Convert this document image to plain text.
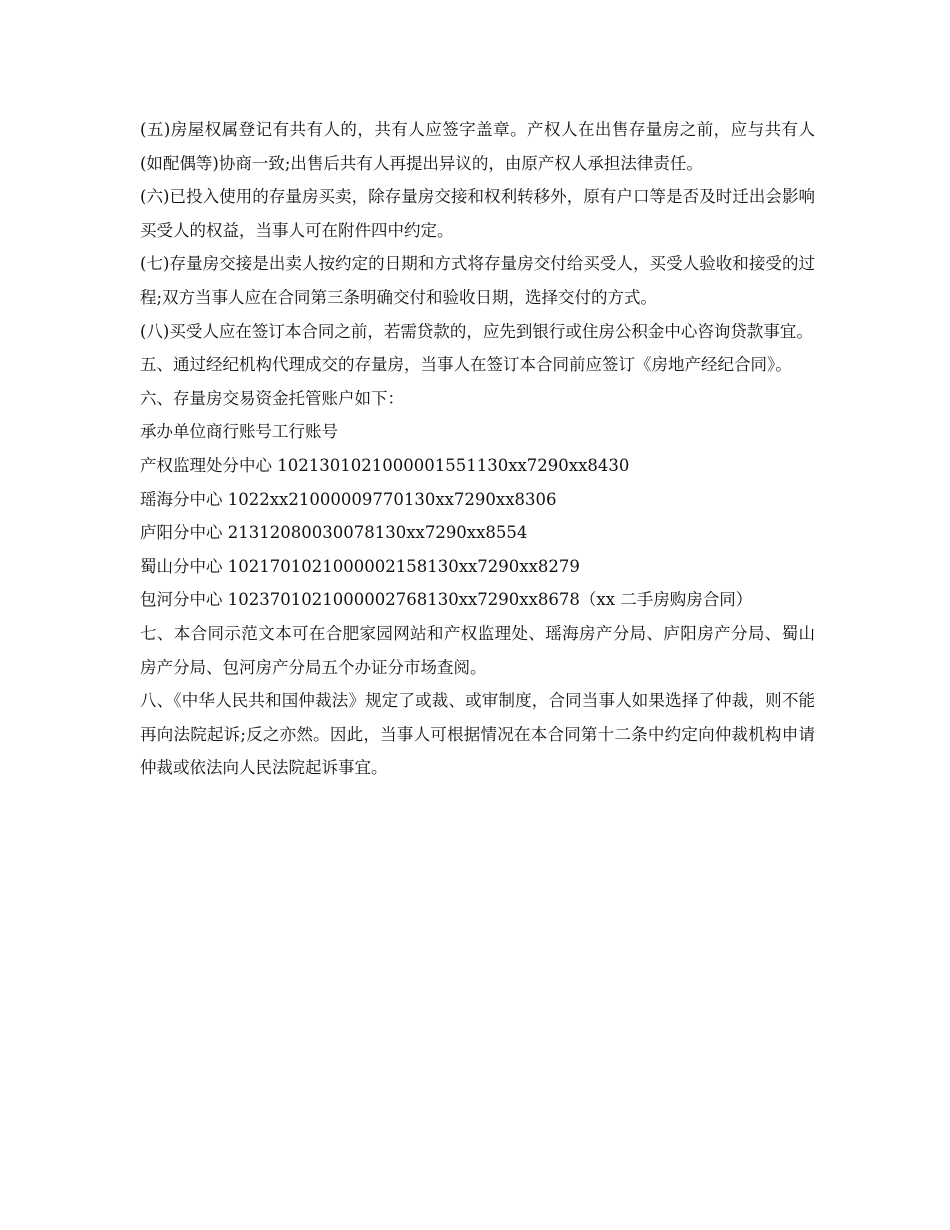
(五)房屋权属登记有共有人的，共有人应签字盖章。产权人在出售存量房之前，应与共有人(如配偶等)协商一致;出售后共有人再提出异议的，由原产权人承担法律责任。

(六)已投入使用的存量房买卖，除存量房交接和权利转移外，原有户口等是否及时迁出会影响买受人的权益，当事人可在附件四中约定。

(七)存量房交接是出卖人按约定的日期和方式将存量房交付给买受人，买受人验收和接受的过程;双方当事人应在合同第三条明确交付和验收日期，选择交付的方式。

(八)买受人应在签订本合同之前，若需贷款的，应先到银行或住房公积金中心咨询贷款事宜。

五、通过经纪机构代理成交的存量房，当事人在签订本合同前应签订《房地产经纪合同》。

六、存量房交易资金托管账户如下：

承办单位商行账号工行账号

产权监理处分中心 1021301021000001551130xx7290xx8430

瑶海分中心 1022xx21000009770130xx7290xx8306

庐阳分中心 21312080030078130xx7290xx8554

蜀山分中心 1021701021000002158130xx7290xx8279

包河分中心 1023701021000002768130xx7290xx8678（xx 二手房购房合同）

七、本合同示范文本可在合肥家园网站和产权监理处、瑶海房产分局、庐阳房产分局、蜀山房产分局、包河房产分局五个办证分市场查阅。

八、《中华人民共和国仲裁法》规定了或裁、或审制度，合同当事人如果选择了仲裁，则不能再向法院起诉;反之亦然。因此，当事人可根据情况在本合同第十二条中约定向仲裁机构申请仲裁或依法向人民法院起诉事宜。
